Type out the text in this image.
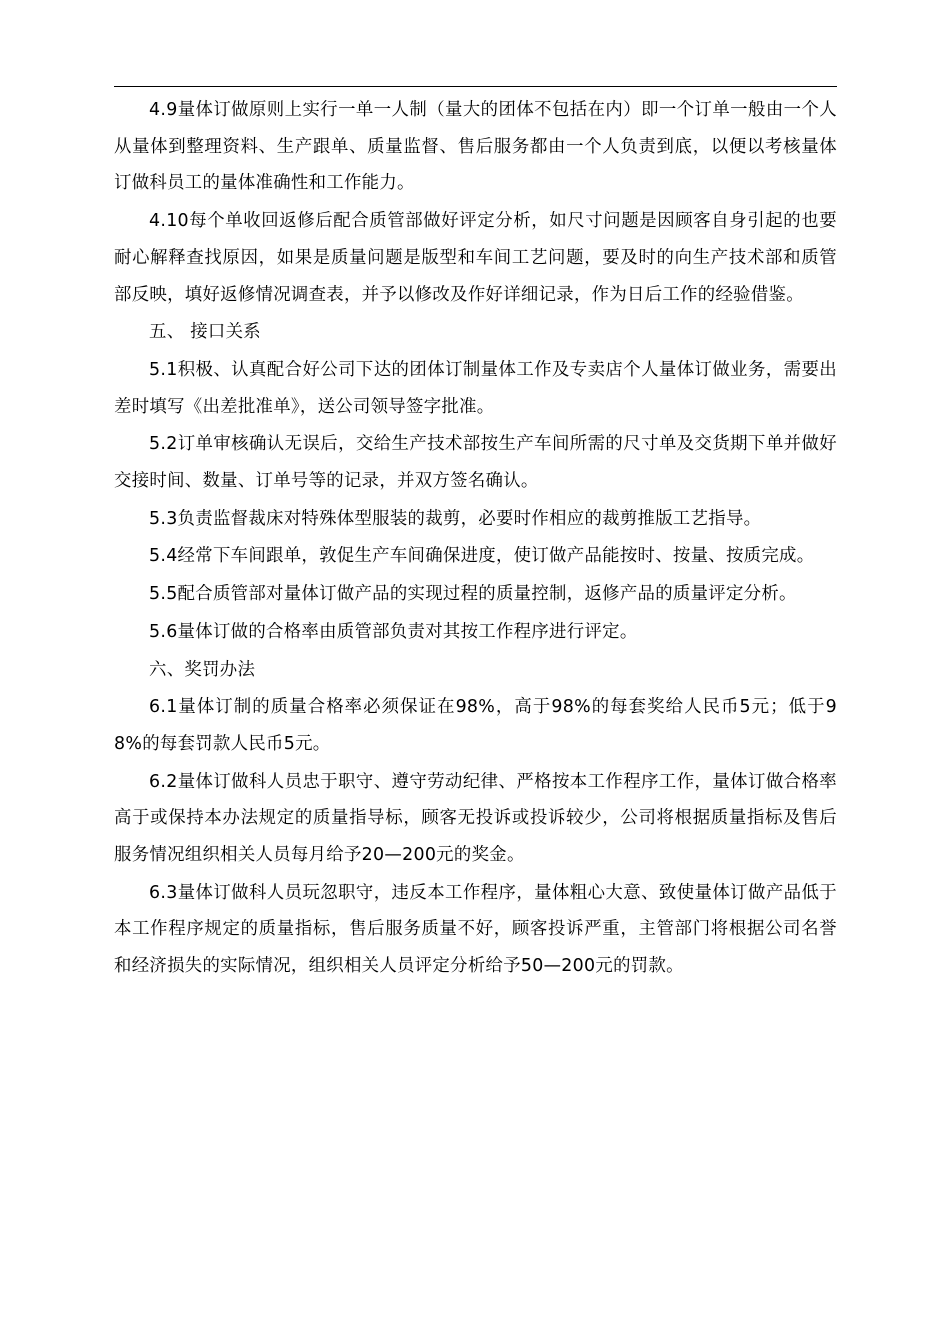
4.9量体订做原则上实行一单一人制（量大的团体不包括在内）即一个订单一般由一个人从量体到整理资料、生产跟单、质量监督、售后服务都由一个人负责到底，以便以考核量体订做科员工的量体准确性和工作能力。

4.10每个单收回返修后配合质管部做好评定分析，如尺寸问题是因顾客自身引起的也要耐心解释查找原因，如果是质量问题是版型和车间工艺问题，要及时的向生产技术部和质管部反映，填好返修情况调查表，并予以修改及作好详细记录，作为日后工作的经验借鉴。

五、 接口关系

5.1积极、认真配合好公司下达的团体订制量体工作及专卖店个人量体订做业务，需要出差时填写《出差批准单》，送公司领导签字批准。

5.2订单审核确认无误后，交给生产技术部按生产车间所需的尺寸单及交货期下单并做好交接时间、数量、订单号等的记录，并双方签名确认。

5.3负责监督裁床对特殊体型服装的裁剪，必要时作相应的裁剪推版工艺指导。

5.4经常下车间跟单，敦促生产车间确保进度，使订做产品能按时、按量、按质完成。

5.5配合质管部对量体订做产品的实现过程的质量控制，返修产品的质量评定分析。

5.6量体订做的合格率由质管部负责对其按工作程序进行评定。

六、奖罚办法

6.1量体订制的质量合格率必须保证在98%，高于98%的每套奖给人民币5元；低于98%的每套罚款人民币5元。

6.2量体订做科人员忠于职守、遵守劳动纪律、严格按本工作程序工作，量体订做合格率高于或保持本办法规定的质量指导标，顾客无投诉或投诉较少，公司将根据质量指标及售后服务情况组织相关人员每月给予20—200元的奖金。

6.3量体订做科人员玩忽职守，违反本工作程序，量体粗心大意、致使量体订做产品低于本工作程序规定的质量指标，售后服务质量不好，顾客投诉严重，主管部门将根据公司名誉和经济损失的实际情况，组织相关人员评定分析给予50—200元的罚款。
